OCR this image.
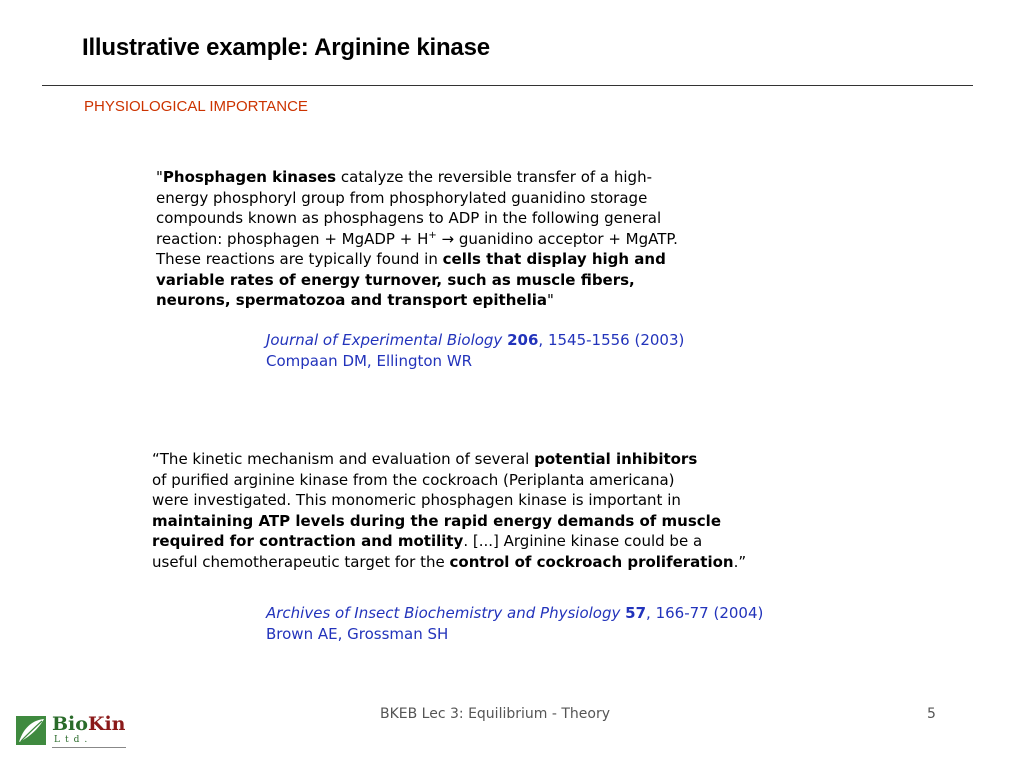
Illustrative example: Arginine kinase
PHYSIOLOGICAL IMPORTANCE
"Phosphagen kinases catalyze the reversible transfer of a high-
energy phosphoryl group from phosphorylated guanidino storage
compounds known as phosphagens to ADP in the following general
reaction: phosphagen + MgADP + H+ → guanidino acceptor + MgATP.
These reactions are typically found in cells that display high and
variable rates of energy turnover, such as muscle fibers,
neurons, spermatozoa and transport epithelia"
Journal of Experimental Biology 206, 1545-1556 (2003)
Compaan DM, Ellington WR
“The kinetic mechanism and evaluation of several potential inhibitors
of purified arginine kinase from the cockroach (Periplanta americana)
were investigated. This monomeric phosphagen kinase is important in
maintaining ATP levels during the rapid energy demands of muscle
required for contraction and motility. [...] Arginine kinase could be a
useful chemotherapeutic target for the control of cockroach proliferation.”
Archives of Insect Biochemistry and Physiology 57, 166-77 (2004)
Brown AE, Grossman SH
BKEB Lec 3: Equilibrium - Theory	5
BioKin
Ltd.
